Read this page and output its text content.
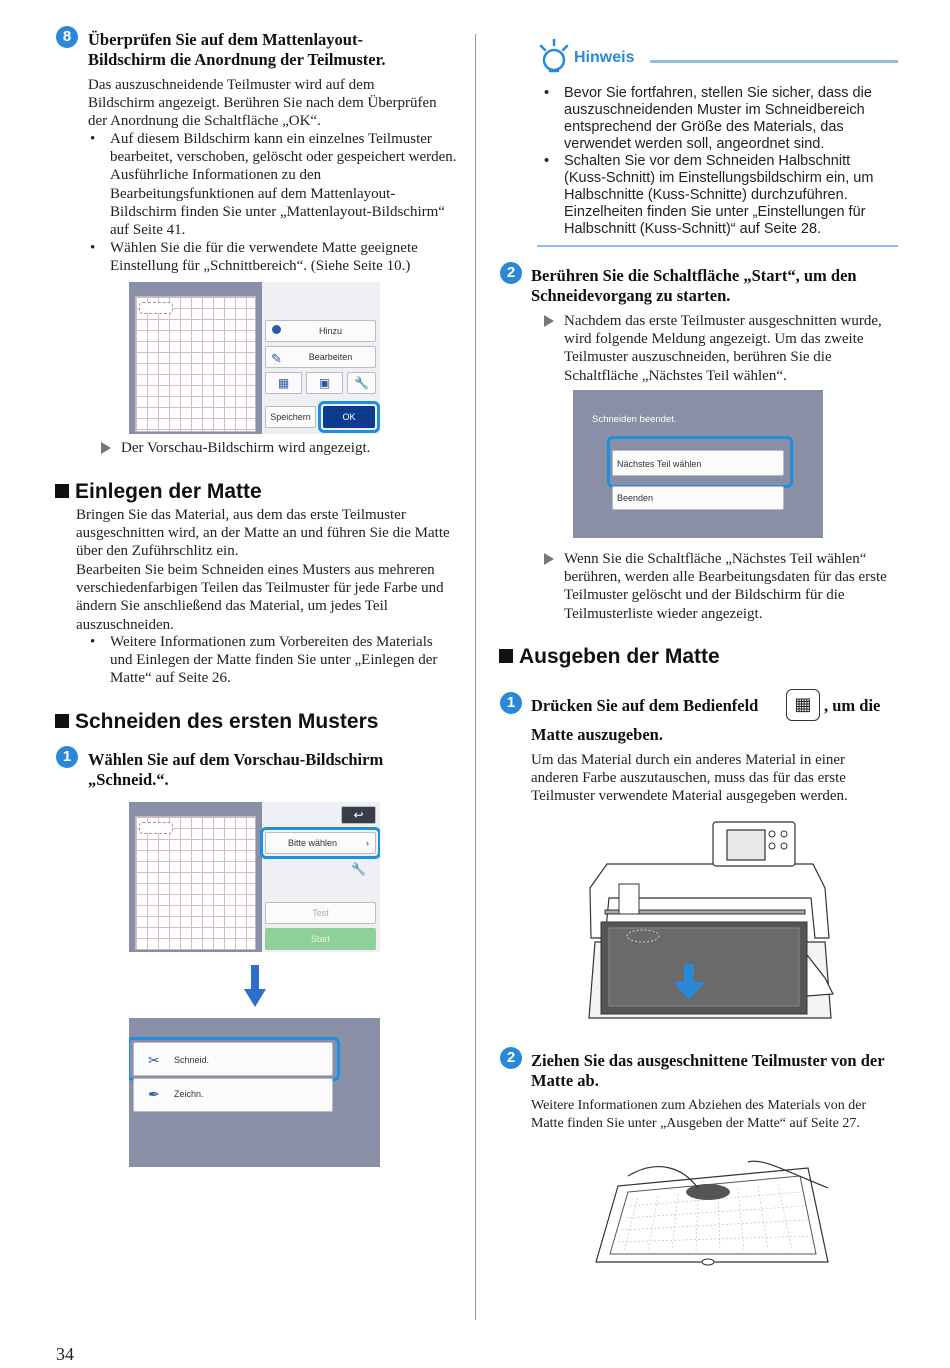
8	Überprüfen Sie auf dem Mattenlayout-Bildschirm die Anordnung der Teilmuster.
Das auszuschneidende Teilmuster wird auf dem Bildschirm angezeigt. Berühren Sie nach dem Überprüfen der Anordnung die Schaltfläche „OK“.
• Auf diesem Bildschirm kann ein einzelnes Teilmuster bearbeitet, verschoben, gelöscht oder gespeichert werden. Ausführliche Informationen zu den Bearbeitungsfunktionen auf dem Mattenlayout-Bildschirm finden Sie unter „Mattenlayout-Bildschirm“ auf Seite 41.
• Wählen Sie die für die verwendete Matte geeignete Einstellung für „Schnittbereich“. (Siehe Seite 10.)
Hinzu
✎	Bearbeiten
▦	▣	🔧
Speichern	OK
Der Vorschau-Bildschirm wird angezeigt.
Einlegen der Matte
Bringen Sie das Material, aus dem das erste Teilmuster ausgeschnitten wird, an der Matte an und führen Sie die Matte über den Zuführschlitz ein.
Bearbeiten Sie beim Schneiden eines Musters aus mehreren verschiedenfarbigen Teilen das Teilmuster für jede Farbe und ändern Sie anschließend das Material, um jedes Teil auszuschneiden.
• Weitere Informationen zum Vorbereiten des Materials und Einlegen der Matte finden Sie unter „Einlegen der Matte“ auf Seite 26.
Schneiden des ersten Musters
1	Wählen Sie auf dem Vorschau-Bildschirm „Schneid.“.
↩
Bitte wählen	›
🔧
Test
Start
✂ Schneid.
✒ Zeichn.
34
Hinweis
• Bevor Sie fortfahren, stellen Sie sicher, dass die auszuschneidenden Muster im Schneidbereich entsprechend der Größe des Materials, das verwendet werden soll, angeordnet sind.
• Schalten Sie vor dem Schneiden Halbschnitt (Kuss-Schnitt) im Einstellungsbildschirm ein, um Halbschnitte (Kuss-Schnitte) durchzuführen. Einzelheiten finden Sie unter „Einstellungen für Halbschnitt (Kuss-Schnitt)“ auf Seite 28.
2 Berühren Sie die Schaltfläche „Start“, um den Schneidevorgang zu starten.
Nachdem das erste Teilmuster ausgeschnitten wurde, wird folgende Meldung angezeigt. Um das zweite Teilmuster auszuschneiden, berühren Sie die Schaltfläche „Nächstes Teil wählen“.
Schneiden beendet.
Nächstes Teil wählen
Beenden
Wenn Sie die Schaltfläche „Nächstes Teil wählen“ berühren, werden alle Bearbeitungsdaten für das erste Teilmuster gelöscht und der Bildschirm für die Teilmusterliste wieder angezeigt.
Ausgeben der Matte
1 Drücken Sie auf dem Bedienfeld	▦ , um die
Matte auszugeben.
Um das Material durch ein anderes Material in einer anderen Farbe auszutauschen, muss das für das erste Teilmuster verwendete Material ausgegeben werden.
2 Ziehen Sie das ausgeschnittene Teilmuster von der Matte ab.
Weitere Informationen zum Abziehen des Materials von der Matte finden Sie unter „Ausgeben der Matte“ auf Seite 27.
